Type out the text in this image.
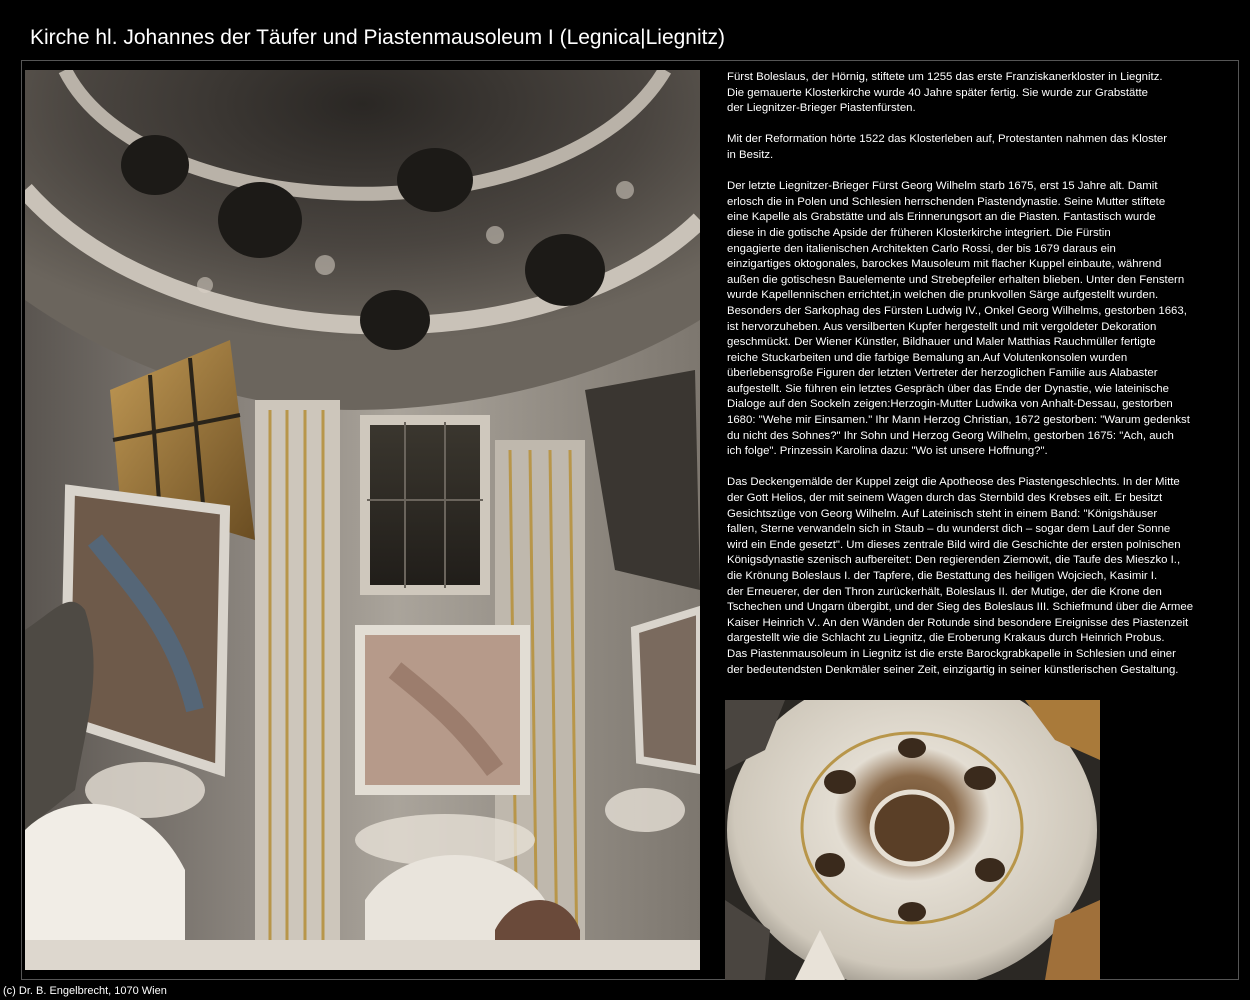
Kirche hl. Johannes der Täufer und Piastenmausoleum I (Legnica|Liegnitz)

Fürst Boleslaus, der Hörnig, stiftete um 1255 das erste Franziskanerkloster in Liegnitz.
Die gemauerte Klosterkirche wurde 40 Jahre später fertig. Sie wurde zur Grabstätte
der Liegnitzer-Brieger Piastenfürsten.

Mit der Reformation hörte 1522 das Klosterleben auf, Protestanten nahmen das Kloster
in Besitz.

Der letzte Liegnitzer-Brieger Fürst Georg Wilhelm starb 1675, erst 15 Jahre alt. Damit
erlosch die in Polen und Schlesien herrschenden Piastendynastie. Seine Mutter stiftete
eine Kapelle als Grabstätte und als Erinnerungsort an die Piasten. Fantastisch wurde
diese in die gotische Apside der früheren Klosterkirche integriert. Die Fürstin
engagierte den italienischen Architekten Carlo Rossi, der bis 1679 daraus ein
einzigartiges oktogonales, barockes Mausoleum mit flacher Kuppel einbaute, während
außen die gotischesn Bauelemente und Strebepfeiler erhalten blieben. Unter den Fenstern
wurde Kapellennischen errichtet,in welchen die prunkvollen Särge aufgestellt wurden.
Besonders der Sarkophag des Fürsten Ludwig IV., Onkel Georg Wilhelms, gestorben 1663,
ist hervorzuheben. Aus versilberten Kupfer hergestellt und mit vergoldeter Dekoration
geschmückt. Der Wiener Künstler, Bildhauer und Maler Matthias Rauchmüller fertigte
reiche Stuckarbeiten und die farbige Bemalung an.Auf Volutenkonsolen wurden
überlebensgroße Figuren der letzten Vertreter der herzoglichen Familie aus Alabaster
aufgestellt. Sie führen ein letztes Gespräch über das Ende der Dynastie, wie lateinische
Dialoge auf den Sockeln zeigen:Herzogin-Mutter Ludwika von Anhalt-Dessau, gestorben
1680: "Wehe mir Einsamen." Ihr Mann Herzog Christian, 1672 gestorben: "Warum gedenkst
du nicht des Sohnes?" Ihr Sohn und Herzog Georg Wilhelm, gestorben 1675: "Ach, auch
ich folge". Prinzessin Karolina dazu: "Wo ist unsere Hoffnung?".

Das Deckengemälde der Kuppel zeigt die Apotheose des Piastengeschlechts. In der Mitte
der Gott Helios, der mit seinem Wagen durch das Sternbild des Krebses eilt. Er besitzt
Gesichtszüge von Georg Wilhelm. Auf Lateinisch steht in einem Band: "Königshäuser
fallen, Sterne verwandeln sich in Staub – du wunderst dich – sogar dem Lauf der Sonne
wird ein Ende gesetzt". Um dieses zentrale Bild wird die Geschichte der ersten polnischen
Königsdynastie szenisch aufbereitet: Den regierenden Ziemowit, die Taufe des Mieszko I.,
die Krönung Boleslaus I. der Tapfere, die Bestattung des heiligen Wojciech, Kasimir I.
der Erneuerer, der den Thron zurückerhält, Boleslaus II. der Mutige, der die Krone den
Tschechen und Ungarn übergibt, und der Sieg des Boleslaus III. Schiefmund über die Armee
Kaiser Heinrich V.. An den Wänden der Rotunde sind besondere Ereignisse des Piastenzeit
dargestellt wie die Schlacht zu Liegnitz, die Eroberung Krakaus durch Heinrich Probus.
Das Piastenmausoleum in Liegnitz ist die erste Barockgrabkapelle in Schlesien und einer
der bedeutendsten Denkmäler seiner Zeit, einzigartig in seiner künstlerischen Gestaltung.

(c) Dr. B. Engelbrecht, 1070 Wien
